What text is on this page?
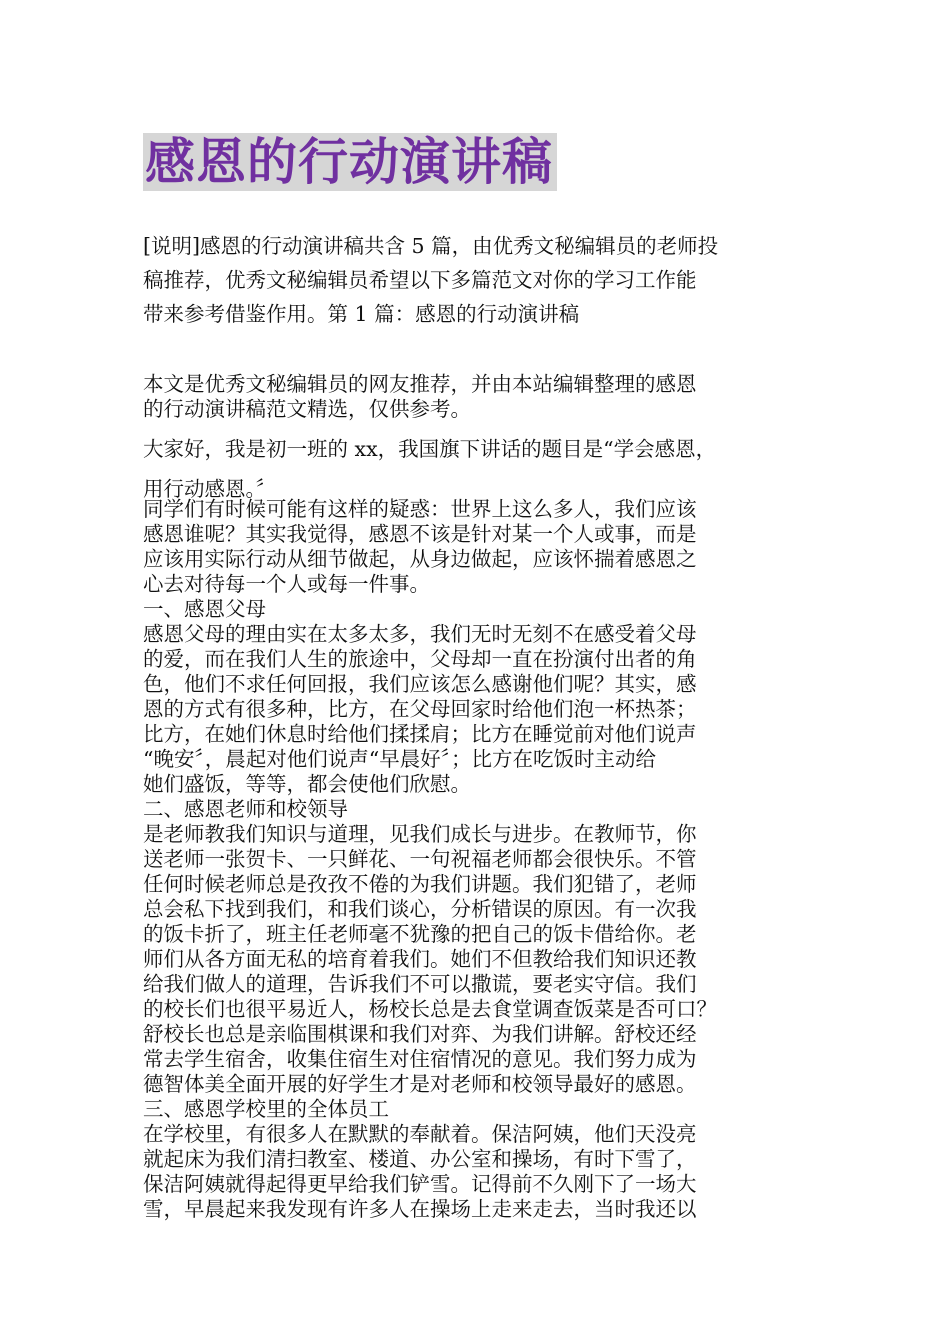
感恩的行动演讲稿
[说明]感恩的行动演讲稿共含 5 篇，由优秀文秘编辑员的老师投
稿推荐，优秀文秘编辑员希望以下多篇范文对你的学习工作能
带来参考借鉴作用。第 1 篇：感恩的行动演讲稿
本文是优秀文秘编辑员的网友推荐，并由本站编辑整理的感恩
的行动演讲稿范文精选，仅供参考。
大家好，我是初一班的 xx，我国旗下讲话的题目是“学会感恩，
用行动感恩。〞
同学们有时候可能有这样的疑惑：世界上这么多人，我们应该
感恩谁呢？其实我觉得，感恩不该是针对某一个人或事，而是
应该用实际行动从细节做起，从身边做起，应该怀揣着感恩之
心去对待每一个人或每一件事。
一、感恩父母
感恩父母的理由实在太多太多，我们无时无刻不在感受着父母
的爱，而在我们人生的旅途中，父母却一直在扮演付出者的角
色，他们不求任何回报，我们应该怎么感谢他们呢？其实，感
恩的方式有很多种，比方，在父母回家时给他们泡一杯热茶；
比方，在她们休息时给他们揉揉肩；比方在睡觉前对他们说声
“晚安〞，晨起对他们说声“早晨好〞；比方在吃饭时主动给
她们盛饭，等等，都会使他们欣慰。
二、感恩老师和校领导
是老师教我们知识与道理，见我们成长与进步。在教师节，你
送老师一张贺卡、一只鲜花、一句祝福老师都会很快乐。不管
任何时候老师总是孜孜不倦的为我们讲题。我们犯错了，老师
总会私下找到我们，和我们谈心，分析错误的原因。有一次我
的饭卡折了，班主任老师毫不犹豫的把自己的饭卡借给你。老
师们从各方面无私的培育着我们。她们不但教给我们知识还教
给我们做人的道理，告诉我们不可以撒谎，要老实守信。我们
的校长们也很平易近人，杨校长总是去食堂调查饭菜是否可口？
舒校长也总是亲临围棋课和我们对弈、为我们讲解。舒校还经
常去学生宿舍，收集住宿生对住宿情况的意见。我们努力成为
德智体美全面开展的好学生才是对老师和校领导最好的感恩。
三、感恩学校里的全体员工
在学校里，有很多人在默默的奉献着。保洁阿姨，他们天没亮
就起床为我们清扫教室、楼道、办公室和操场，有时下雪了，
保洁阿姨就得起得更早给我们铲雪。记得前不久刚下了一场大
雪，早晨起来我发现有许多人在操场上走来走去，当时我还以
